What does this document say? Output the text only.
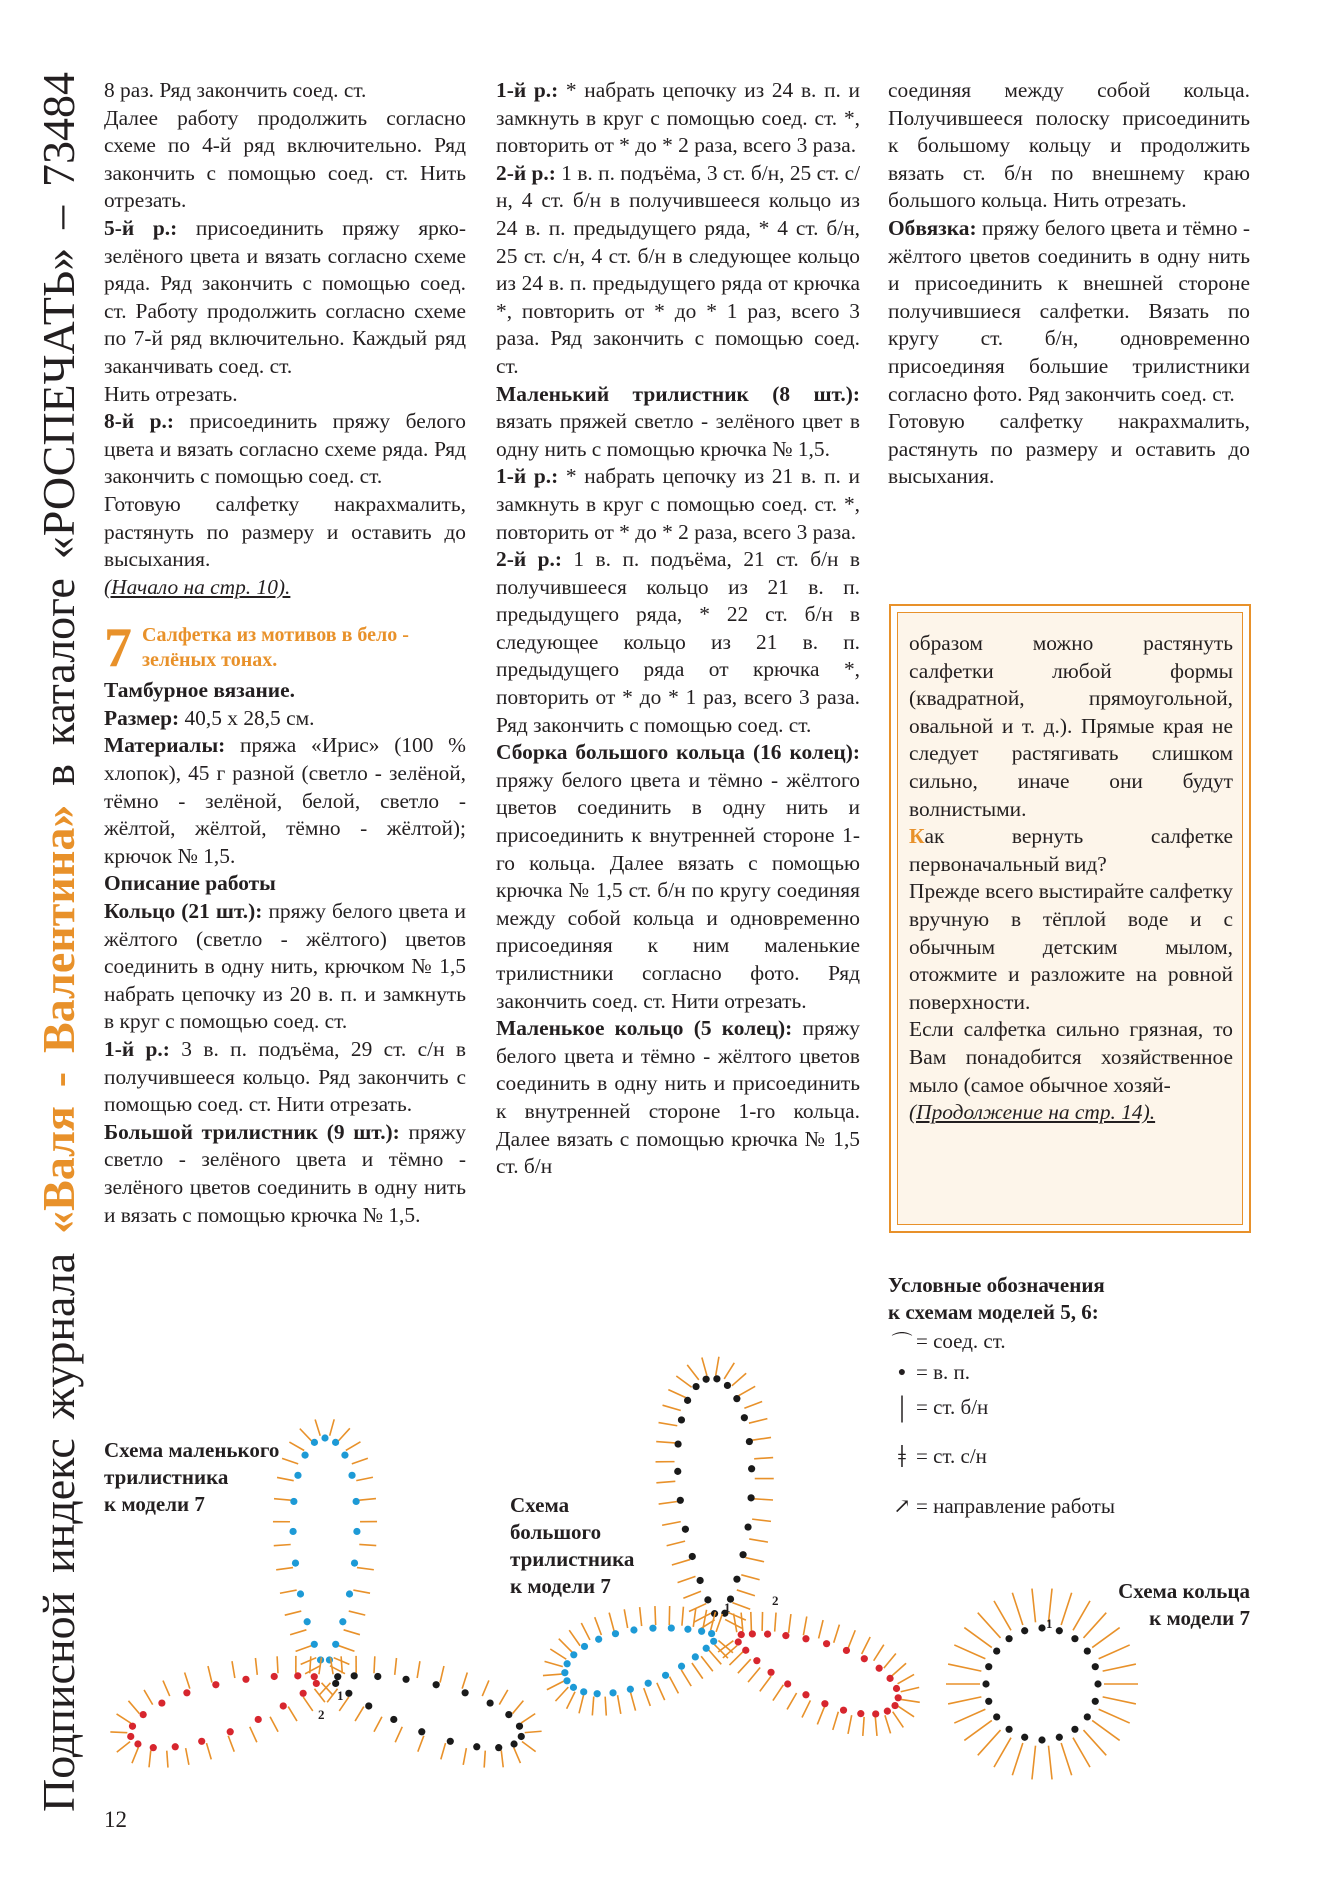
Подписной индекс журнала «Валя - Валентина» в каталоге «РОСПЕЧАТЬ» – 73484 8 раз. Ряд закончить соед. ст.

Далее работу продолжить согласно схеме по 4-й ряд включительно. Ряд закончить с помощью соед. ст. Нить отрезать.

5-й р.: присоединить пряжу ярко-зелёного цвета и вязать согласно схеме ряда. Ряд закончить с помощью соед. ст. Работу продолжить согласно схеме по 7-й ряд включительно. Каждый ряд заканчивать соед. ст.

Нить отрезать.

8-й р.: присоединить пряжу белого цвета и вязать согласно схеме ряда. Ряд закончить с помощью соед. ст.

Готовую салфетку накрахмалить, растянуть по размеру и оставить до высыхания.

(Начало на стр. 10).

7 Салфетка из мотивов в бело - зелёных тонах.

Тамбурное вязание.

Размер: 40,5 х 28,5 см.

Материалы: пряжа «Ирис» (100 % хлопок), 45 г разной (светло - зелёной, тёмно - зелёной, белой, светло - жёлтой, жёлтой, тёмно - жёлтой); крючок № 1,5.

Описание работы

Кольцо (21 шт.): пряжу белого цвета и жёлтого (светло - жёлтого) цветов соединить в одну нить, крючком № 1,5 набрать цепочку из 20 в. п. и замкнуть в круг с помощью соед. ст.

1-й р.: 3 в. п. подъёма, 29 ст. с/н в получившееся кольцо. Ряд закончить с помощью соед. ст. Нити отрезать.

Большой трилистник (9 шт.): пряжу светло - зелёного цвета и тёмно - зелёного цветов соединить в одну нить и вязать с помощью крючка № 1,5.

1-й р.: * набрать цепочку из 24 в. п. и замкнуть в круг с помощью соед. ст. *, повторить от * до * 2 раза, всего 3 раза.

2-й р.: 1 в. п. подъёма, 3 ст. б/н, 25 ст. с/н, 4 ст. б/н в получившееся кольцо из 24 в. п. предыдущего ряда, * 4 ст. б/н, 25 ст. с/н, 4 ст. б/н в следующее кольцо из 24 в. п. предыдущего ряда от крючка *, повторить от * до * 1 раз, всего 3 раза. Ряд закончить с помощью соед. ст.

Маленький трилистник (8 шт.): вязать пряжей светло - зелёного цвет в одну нить с помощью крючка № 1,5.

1-й р.: * набрать цепочку из 21 в. п. и замкнуть в круг с помощью соед. ст. *, повторить от * до * 2 раза, всего 3 раза.

2-й р.: 1 в. п. подъёма, 21 ст. б/н в получившееся кольцо из 21 в. п. предыдущего ряда, * 22 ст. б/н в следующее кольцо из 21 в. п. предыдущего ряда от крючка *, повторить от * до * 1 раз, всего 3 раза. Ряд закончить с помощью соед. ст.

Сборка большого кольца (16 колец): пряжу белого цвета и тёмно - жёлтого цветов соединить в одну нить и присоединить к внутренней стороне 1-го кольца. Далее вязать с помощью крючка № 1,5 ст. б/н по кругу соединяя между собой кольца и одновременно присоединяя к ним маленькие трилистники согласно фото. Ряд закончить соед. ст. Нити отрезать.

Маленькое кольцо (5 колец): пряжу белого цвета и тёмно - жёлтого цветов соединить в одну нить и присоединить к внутренней стороне 1-го кольца. Далее вязать с помощью крючка № 1,5 ст. б/н

соединяя между собой кольца. Получившееся полоску присоединить к большому кольцу и продолжить вязать ст. б/н по внешнему краю большого кольца. Нить отрезать.

Обвязка: пряжу белого цвета и тёмно - жёлтого цветов соединить в одну нить и присоединить к внешней стороне получившиеся салфетки. Вязать по кругу ст. б/н, одновременно присоединяя большие трилистники согласно фото. Ряд закончить соед. ст.

Готовую салфетку накрахмалить, растянуть по размеру и оставить до высыхания.

образом можно растянуть салфетки любой формы (квадратной, прямоугольной, овальной и т. д.). Прямые края не следует растягивать слишком сильно, иначе они будут волнистыми.

Как вернуть салфетке первоначальный вид?

Прежде всего выстирайте салфетку вручную в тёплой воде и с обычным детским мылом, отожмите и разложите на ровной поверхности.

Если салфетка сильно грязная, то Вам понадобится хозяйственное мыло (самое обычное хозяй-

(Продолжение на стр. 14).

Условные обозначения
к схемам моделей 5, 6:
⌒ = соед. ст.
● = в. п.
| = ст. б/н
ǂ = ст. с/н
↗ = направление работы
Схема маленького
трилистника
к модели 7	Схема
большого
трилистника
к модели 7	Схема кольца
к модели 7
1
2
1	2
1
12
